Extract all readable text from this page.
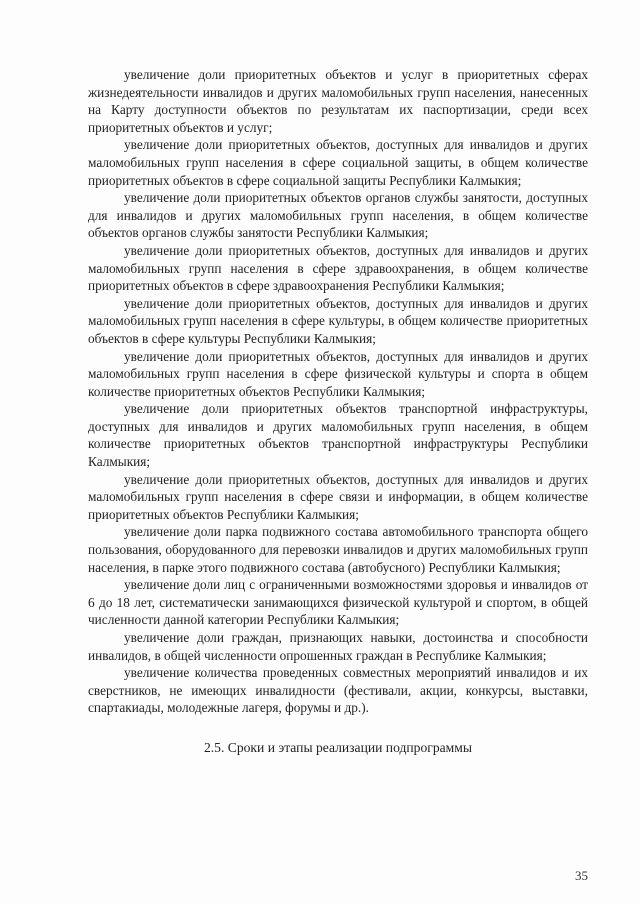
увеличение доли приоритетных объектов и услуг в приоритетных сферах жизнедеятельности инвалидов и других маломобильных групп населения, нанесенных на Карту доступности объектов по результатам их паспортизации, среди всех приоритетных объектов и услуг;

увеличение доли приоритетных объектов, доступных для инвалидов и других маломобильных групп населения в сфере социальной защиты, в общем количестве приоритетных объектов в сфере социальной защиты Республики Калмыкия;

увеличение доли приоритетных объектов органов службы занятости, доступных для инвалидов и других маломобильных групп населения, в общем количестве объектов органов службы занятости Республики Калмыкия;

увеличение доли приоритетных объектов, доступных для инвалидов и других маломобильных групп населения в сфере здравоохранения, в общем количестве приоритетных объектов в сфере здравоохранения Республики Калмыкия;

увеличение доли приоритетных объектов, доступных для инвалидов и других маломобильных групп населения в сфере культуры, в общем количестве приоритетных объектов в сфере культуры Республики Калмыкия;

увеличение доли приоритетных объектов, доступных для инвалидов и других маломобильных групп населения в сфере физической культуры и спорта в общем количестве приоритетных объектов Республики Калмыкия;

увеличение доли приоритетных объектов транспортной инфраструктуры, доступных для инвалидов и других маломобильных групп населения, в общем количестве приоритетных объектов транспортной инфраструктуры Республики Калмыкия;

увеличение доли приоритетных объектов, доступных для инвалидов и других маломобильных групп населения в сфере связи и информации, в общем количестве приоритетных объектов Республики Калмыкия;

увеличение доли парка подвижного состава автомобильного транспорта общего пользования, оборудованного для перевозки инвалидов и других маломобильных групп населения, в парке этого подвижного состава (автобусного) Республики Калмыкия;

увеличение доли лиц с ограниченными возможностями здоровья и инвалидов от 6 до 18 лет, систематически занимающихся физической культурой и спортом, в общей численности данной категории Республики Калмыкия;

увеличение доли граждан, признающих навыки, достоинства и способности инвалидов, в общей численности опрошенных граждан в Республике Калмыкия;

увеличение количества проведенных совместных мероприятий инвалидов и их сверстников, не имеющих инвалидности (фестивали, акции, конкурсы, выставки, спартакиады, молодежные лагеря, форумы и др.).

2.5. Сроки и этапы реализации подпрограммы

35
